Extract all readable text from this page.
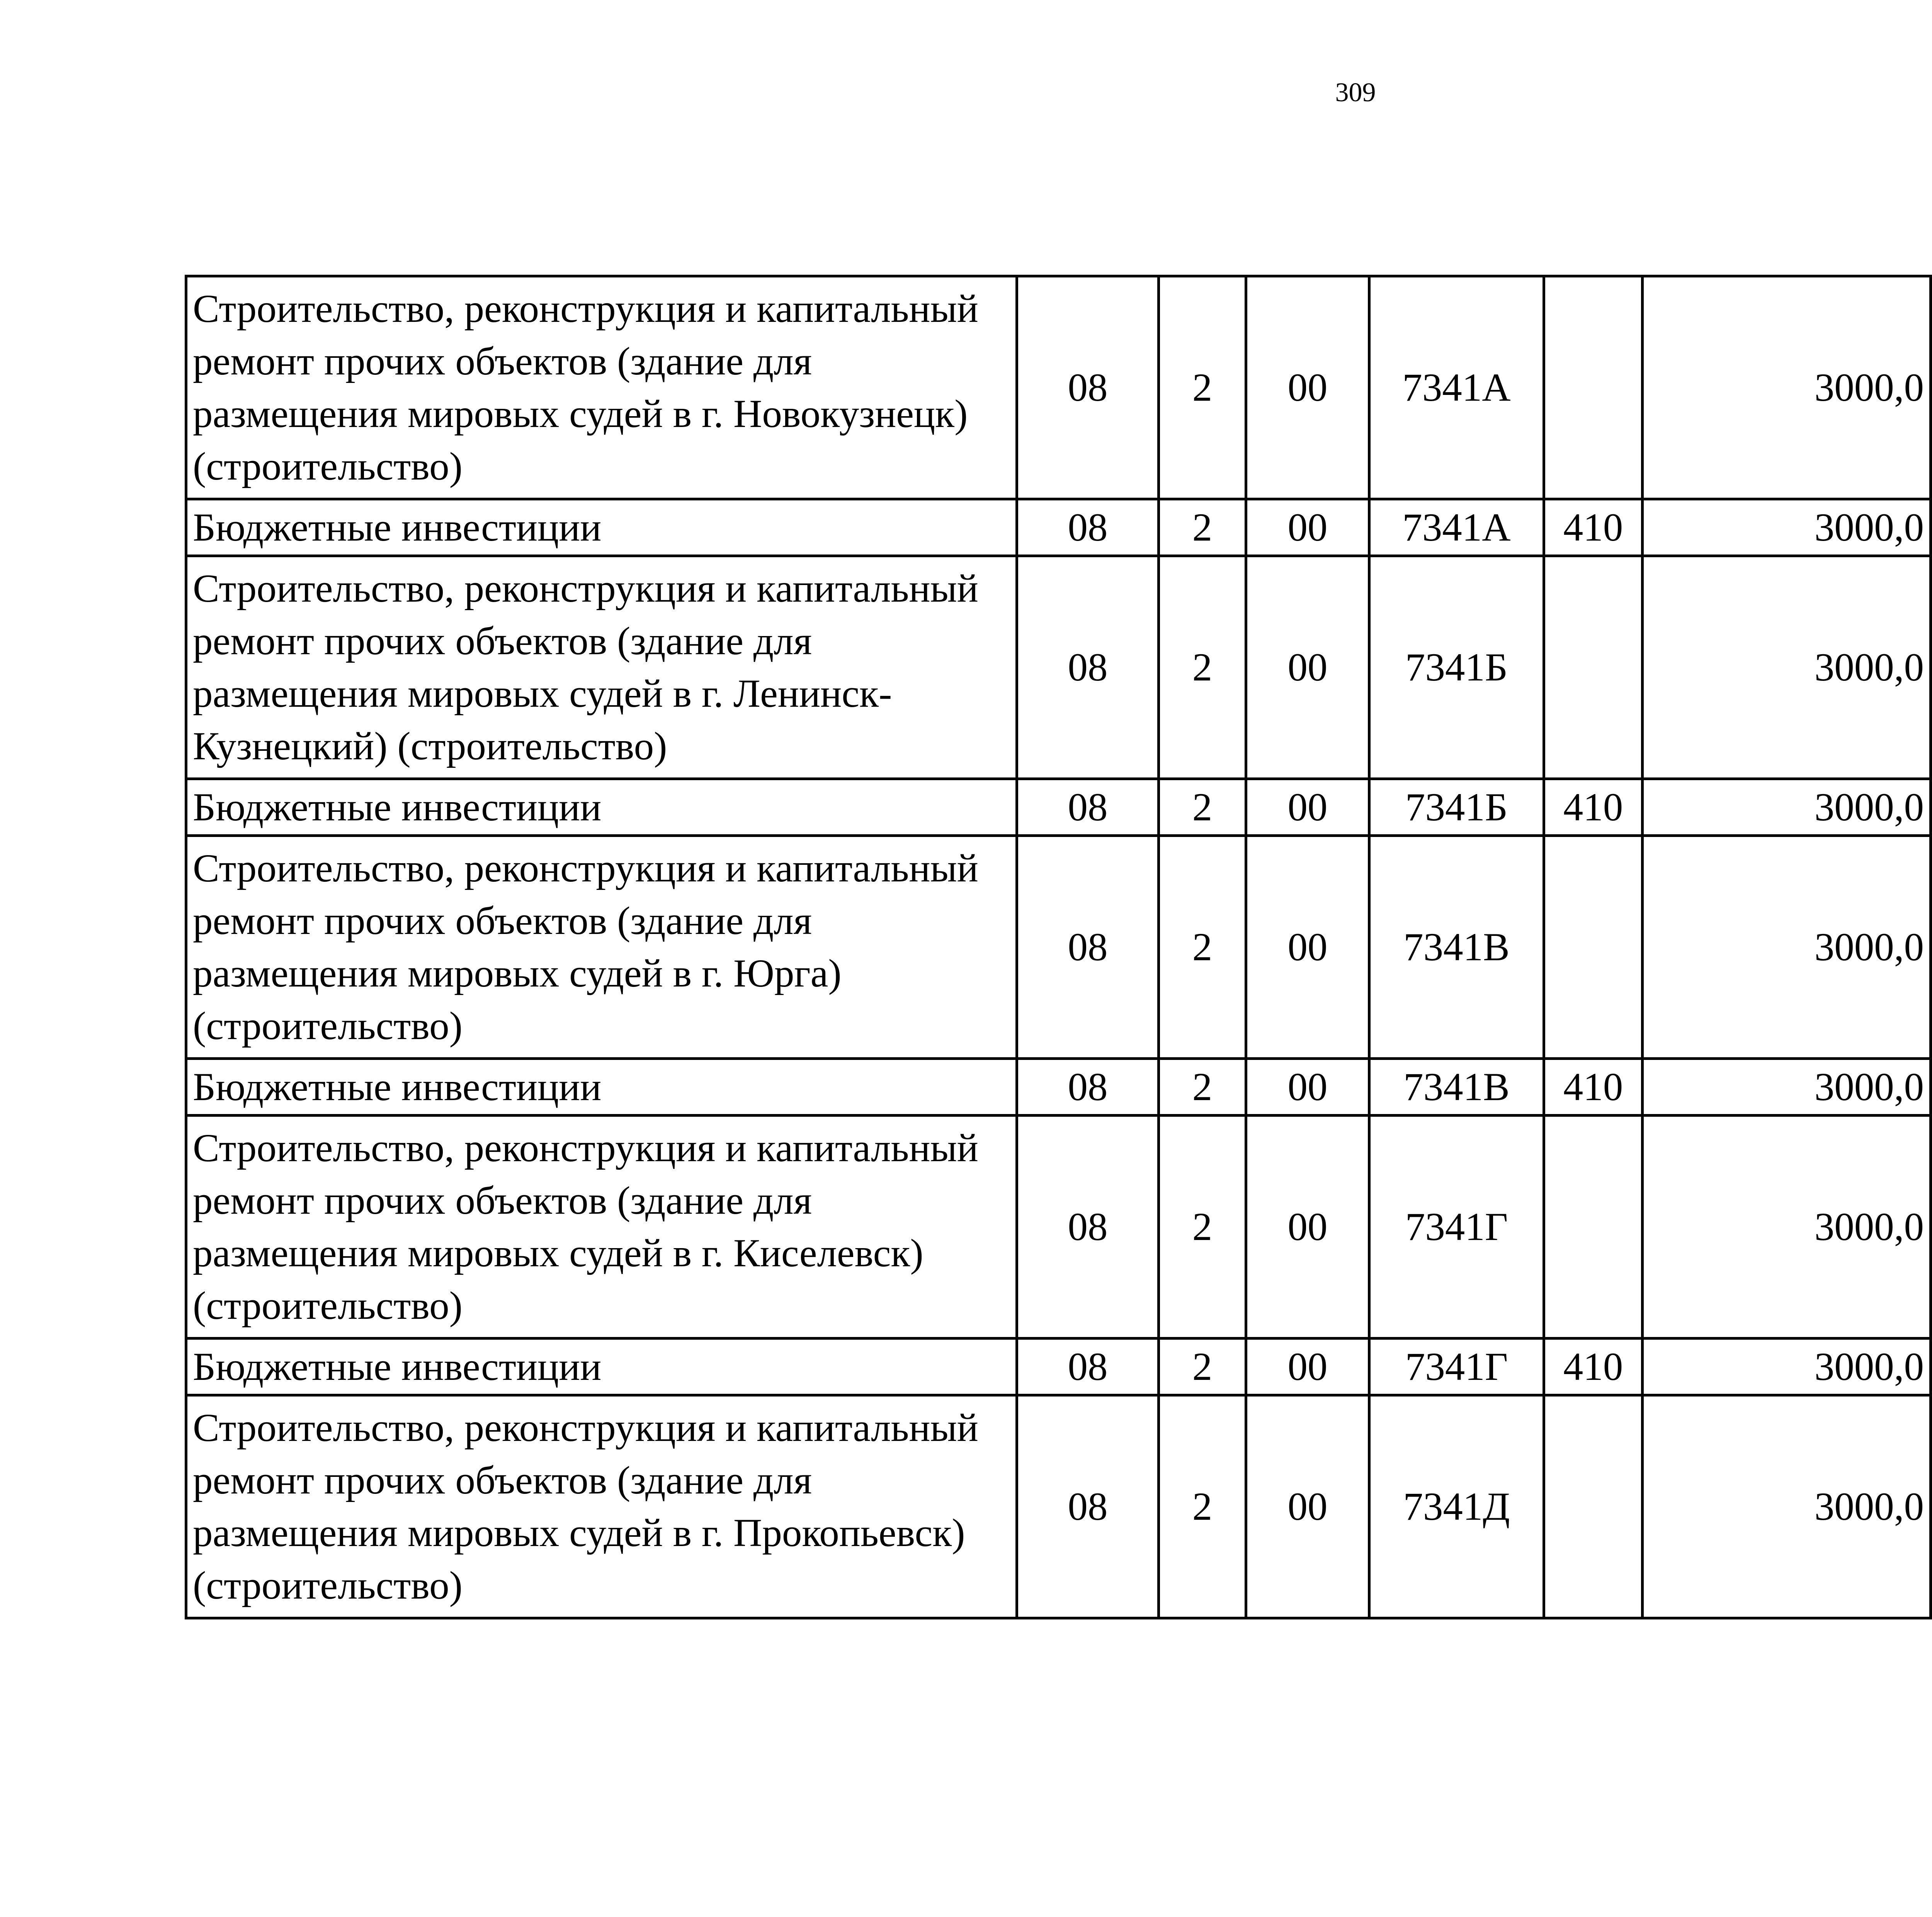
309
Строительство, реконструкция и капитальный ремонт прочих объектов (здание для размещения мировых судей в г. Новокузнецк) (строительство)	08	2	00	7341А		3000,0		
Бюджетные инвестиции	08	2	00	7341А	410	3000,0		
Строительство, реконструкция и капитальный ремонт прочих объектов (здание для размещения мировых судей в г. Ленинск-Кузнецкий) (строительство)	08	2	00	7341Б		3000,0		
Бюджетные инвестиции	08	2	00	7341Б	410	3000,0		
Строительство, реконструкция и капитальный ремонт прочих объектов (здание для размещения мировых судей в г. Юрга) (строительство)	08	2	00	7341В		3000,0		
Бюджетные инвестиции	08	2	00	7341В	410	3000,0		
Строительство, реконструкция и капитальный ремонт прочих объектов (здание для размещения мировых судей в г. Киселевск) (строительство)	08	2	00	7341Г		3000,0		
Бюджетные инвестиции	08	2	00	7341Г	410	3000,0		
Строительство, реконструкция и капитальный ремонт прочих объектов (здание для размещения мировых судей в г. Прокопьевск) (строительство)	08	2	00	7341Д		3000,0		
